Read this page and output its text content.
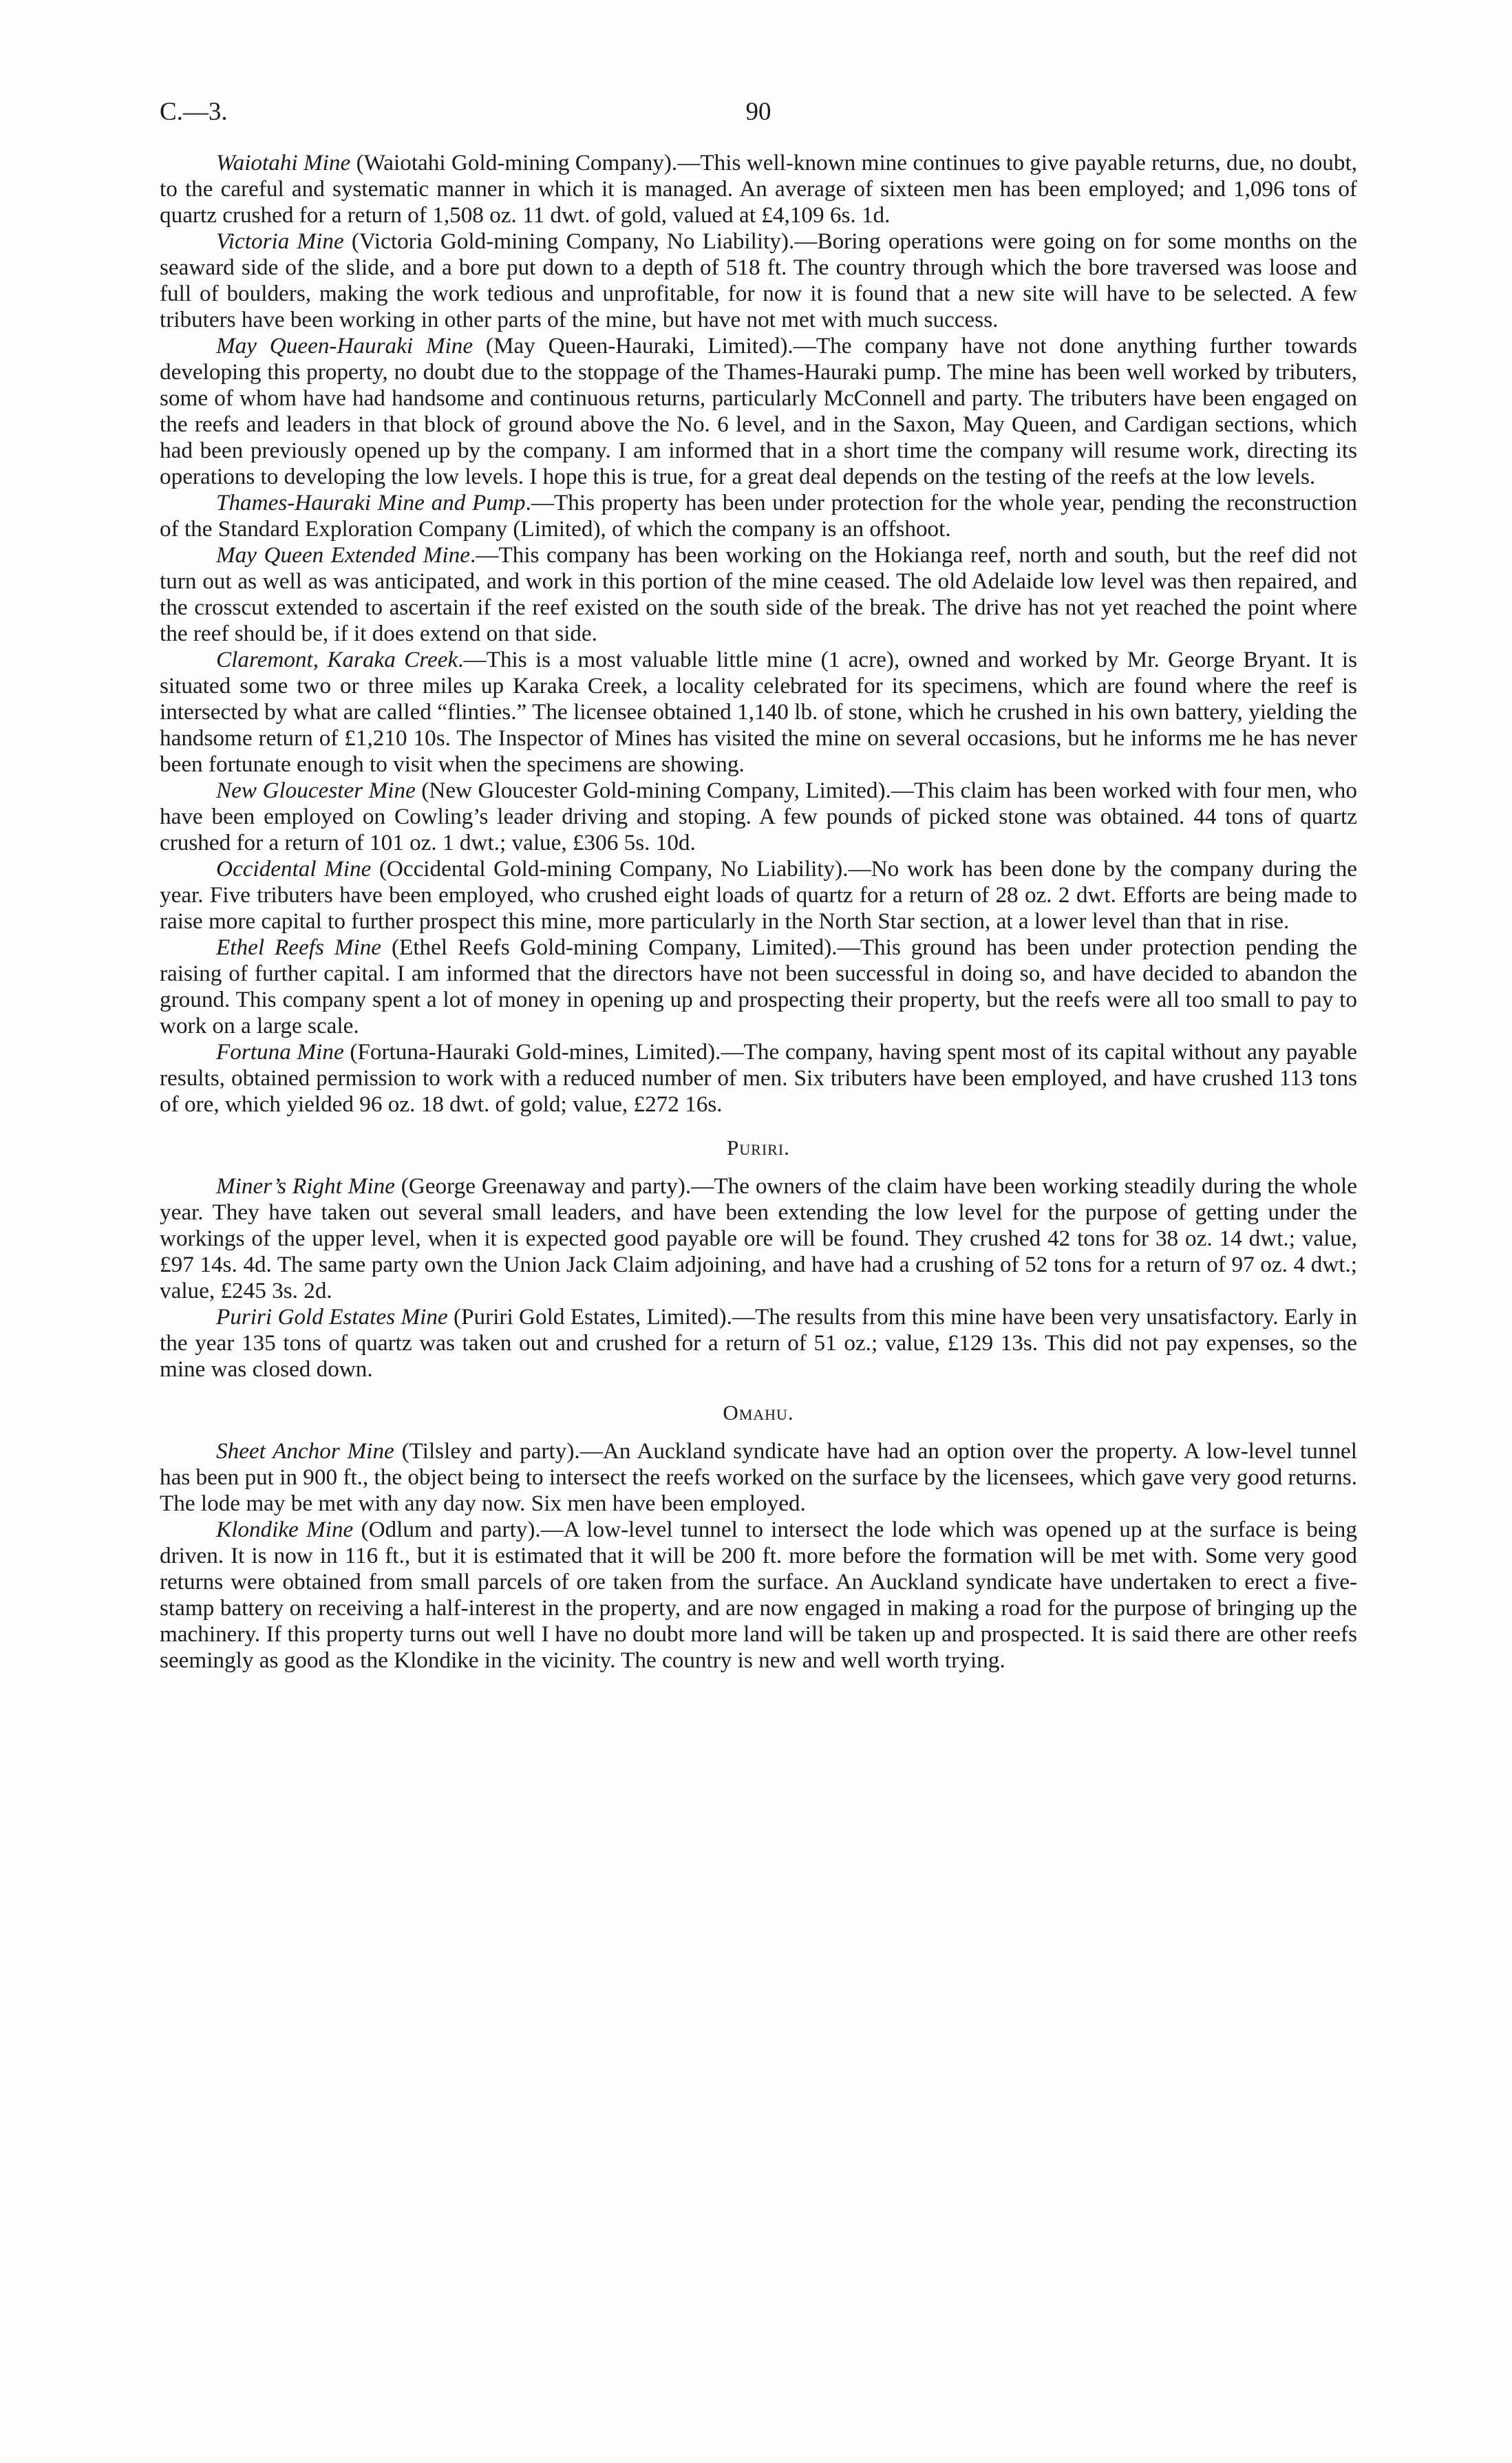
C.—3.	90

Waiotahi Mine (Waiotahi Gold-mining Company).—This well-known mine continues to give payable returns, due, no doubt, to the careful and systematic manner in which it is managed. An average of sixteen men has been employed; and 1,096 tons of quartz crushed for a return of 1,508 oz. 11 dwt. of gold, valued at £4,109 6s. 1d.

Victoria Mine (Victoria Gold-mining Company, No Liability).—Boring operations were going on for some months on the seaward side of the slide, and a bore put down to a depth of 518 ft. The country through which the bore traversed was loose and full of boulders, making the work tedious and unprofitable, for now it is found that a new site will have to be selected. A few tributers have been working in other parts of the mine, but have not met with much success.

May Queen-Hauraki Mine (May Queen-Hauraki, Limited).—The company have not done anything further towards developing this property, no doubt due to the stoppage of the Thames-Hauraki pump. The mine has been well worked by tributers, some of whom have had handsome and continuous returns, particularly McConnell and party. The tributers have been engaged on the reefs and leaders in that block of ground above the No. 6 level, and in the Saxon, May Queen, and Cardigan sections, which had been previously opened up by the company. I am informed that in a short time the company will resume work, directing its operations to developing the low levels. I hope this is true, for a great deal depends on the testing of the reefs at the low levels.

Thames-Hauraki Mine and Pump.—This property has been under protection for the whole year, pending the reconstruction of the Standard Exploration Company (Limited), of which the company is an offshoot.

May Queen Extended Mine.—This company has been working on the Hokianga reef, north and south, but the reef did not turn out as well as was anticipated, and work in this portion of the mine ceased. The old Adelaide low level was then repaired, and the crosscut extended to ascertain if the reef existed on the south side of the break. The drive has not yet reached the point where the reef should be, if it does extend on that side.

Claremont, Karaka Creek.—This is a most valuable little mine (1 acre), owned and worked by Mr. George Bryant. It is situated some two or three miles up Karaka Creek, a locality celebrated for its specimens, which are found where the reef is intersected by what are called “flinties.” The licensee obtained 1,140 lb. of stone, which he crushed in his own battery, yielding the handsome return of £1,210 10s. The Inspector of Mines has visited the mine on several occasions, but he informs me he has never been fortunate enough to visit when the specimens are showing.

New Gloucester Mine (New Gloucester Gold-mining Company, Limited).—This claim has been worked with four men, who have been employed on Cowling’s leader driving and stoping. A few pounds of picked stone was obtained. 44 tons of quartz crushed for a return of 101 oz. 1 dwt.; value, £306 5s. 10d.

Occidental Mine (Occidental Gold-mining Company, No Liability).—No work has been done by the company during the year. Five tributers have been employed, who crushed eight loads of quartz for a return of 28 oz. 2 dwt. Efforts are being made to raise more capital to further prospect this mine, more particularly in the North Star section, at a lower level than that in rise.

Ethel Reefs Mine (Ethel Reefs Gold-mining Company, Limited).—This ground has been under protection pending the raising of further capital. I am informed that the directors have not been successful in doing so, and have decided to abandon the ground. This company spent a lot of money in opening up and prospecting their property, but the reefs were all too small to pay to work on a large scale.

Fortuna Mine (Fortuna-Hauraki Gold-mines, Limited).—The company, having spent most of its capital without any payable results, obtained permission to work with a reduced number of men. Six tributers have been employed, and have crushed 113 tons of ore, which yielded 96 oz. 18 dwt. of gold; value, £272 16s.

Puriri.

Miner’s Right Mine (George Greenaway and party).—The owners of the claim have been working steadily during the whole year. They have taken out several small leaders, and have been extending the low level for the purpose of getting under the workings of the upper level, when it is expected good payable ore will be found. They crushed 42 tons for 38 oz. 14 dwt.; value, £97 14s. 4d. The same party own the Union Jack Claim adjoining, and have had a crushing of 52 tons for a return of 97 oz. 4 dwt.; value, £245 3s. 2d.

Puriri Gold Estates Mine (Puriri Gold Estates, Limited).—The results from this mine have been very unsatisfactory. Early in the year 135 tons of quartz was taken out and crushed for a return of 51 oz.; value, £129 13s. This did not pay expenses, so the mine was closed down.

Omahu.

Sheet Anchor Mine (Tilsley and party).—An Auckland syndicate have had an option over the property. A low-level tunnel has been put in 900 ft., the object being to intersect the reefs worked on the surface by the licensees, which gave very good returns. The lode may be met with any day now. Six men have been employed.

Klondike Mine (Odlum and party).—A low-level tunnel to intersect the lode which was opened up at the surface is being driven. It is now in 116 ft., but it is estimated that it will be 200 ft. more before the formation will be met with. Some very good returns were obtained from small parcels of ore taken from the surface. An Auckland syndicate have undertaken to erect a five-stamp battery on receiving a half-interest in the property, and are now engaged in making a road for the purpose of bringing up the machinery. If this property turns out well I have no doubt more land will be taken up and prospected. It is said there are other reefs seemingly as good as the Klondike in the vicinity. The country is new and well worth trying.
